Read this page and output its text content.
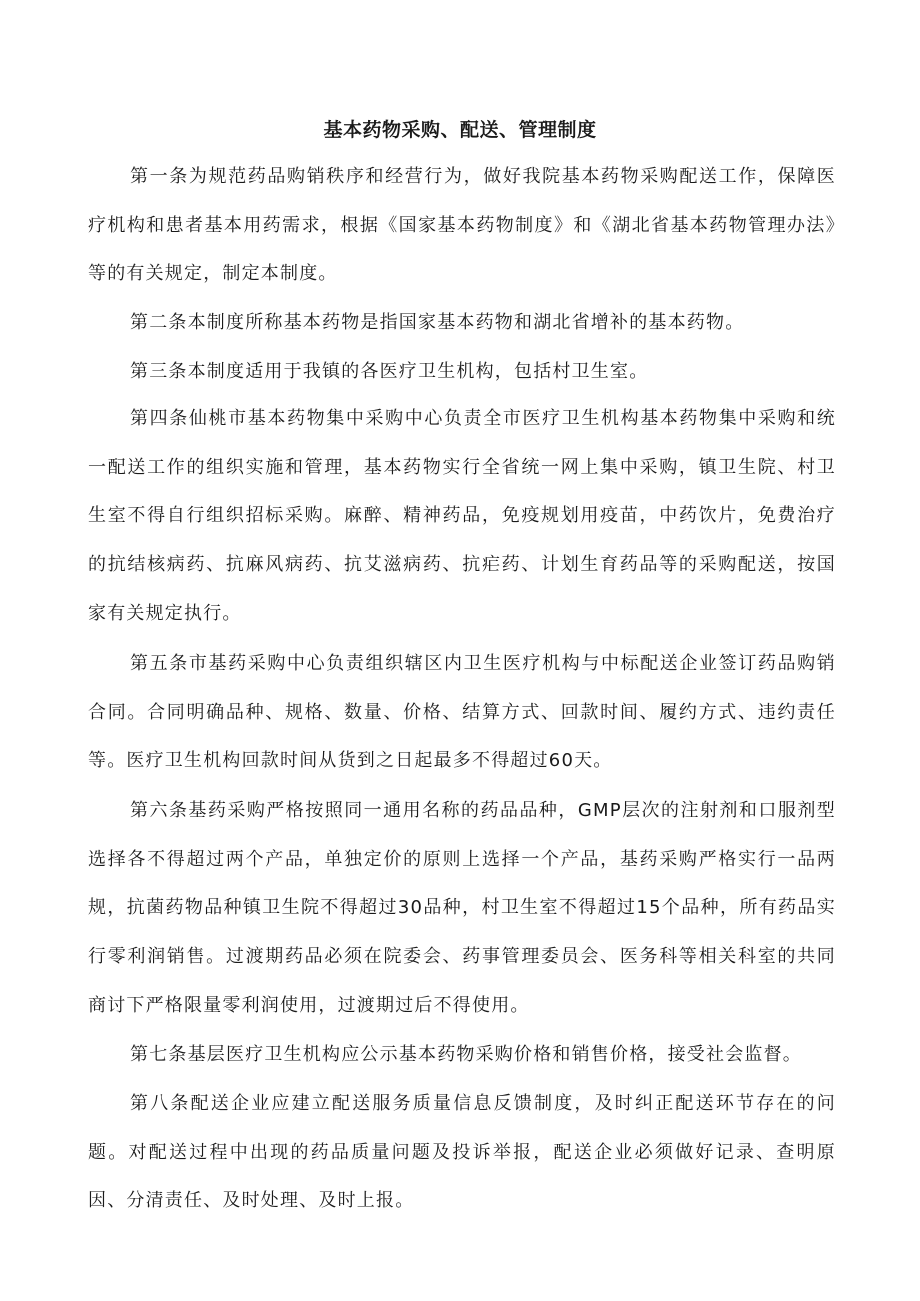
基本药物采购、配送、管理制度

第一条为规范药品购销秩序和经营行为，做好我院基本药物采购配送工作，保障医疗机构和患者基本用药需求，根据《国家基本药物制度》和《湖北省基本药物管理办法》等的有关规定，制定本制度。

第二条本制度所称基本药物是指国家基本药物和湖北省增补的基本药物。

第三条本制度适用于我镇的各医疗卫生机构，包括村卫生室。

第四条仙桃市基本药物集中采购中心负责全市医疗卫生机构基本药物集中采购和统一配送工作的组织实施和管理，基本药物实行全省统一网上集中采购，镇卫生院、村卫生室不得自行组织招标采购。麻醉、精神药品，免疫规划用疫苗，中药饮片，免费治疗的抗结核病药、抗麻风病药、抗艾滋病药、抗疟药、计划生育药品等的采购配送，按国家有关规定执行。

第五条市基药采购中心负责组织辖区内卫生医疗机构与中标配送企业签订药品购销合同。合同明确品种、规格、数量、价格、结算方式、回款时间、履约方式、违约责任等。医疗卫生机构回款时间从货到之日起最多不得超过60天。

第六条基药采购严格按照同一通用名称的药品品种，GMP层次的注射剂和口服剂型选择各不得超过两个产品，单独定价的原则上选择一个产品，基药采购严格实行一品两规，抗菌药物品种镇卫生院不得超过30品种，村卫生室不得超过15个品种，所有药品实行零利润销售。过渡期药品必须在院委会、药事管理委员会、医务科等相关科室的共同商讨下严格限量零利润使用，过渡期过后不得使用。

第七条基层医疗卫生机构应公示基本药物采购价格和销售价格，接受社会监督。

第八条配送企业应建立配送服务质量信息反馈制度，及时纠正配送环节存在的问题。对配送过程中出现的药品质量问题及投诉举报，配送企业必须做好记录、查明原因、分清责任、及时处理、及时上报。
